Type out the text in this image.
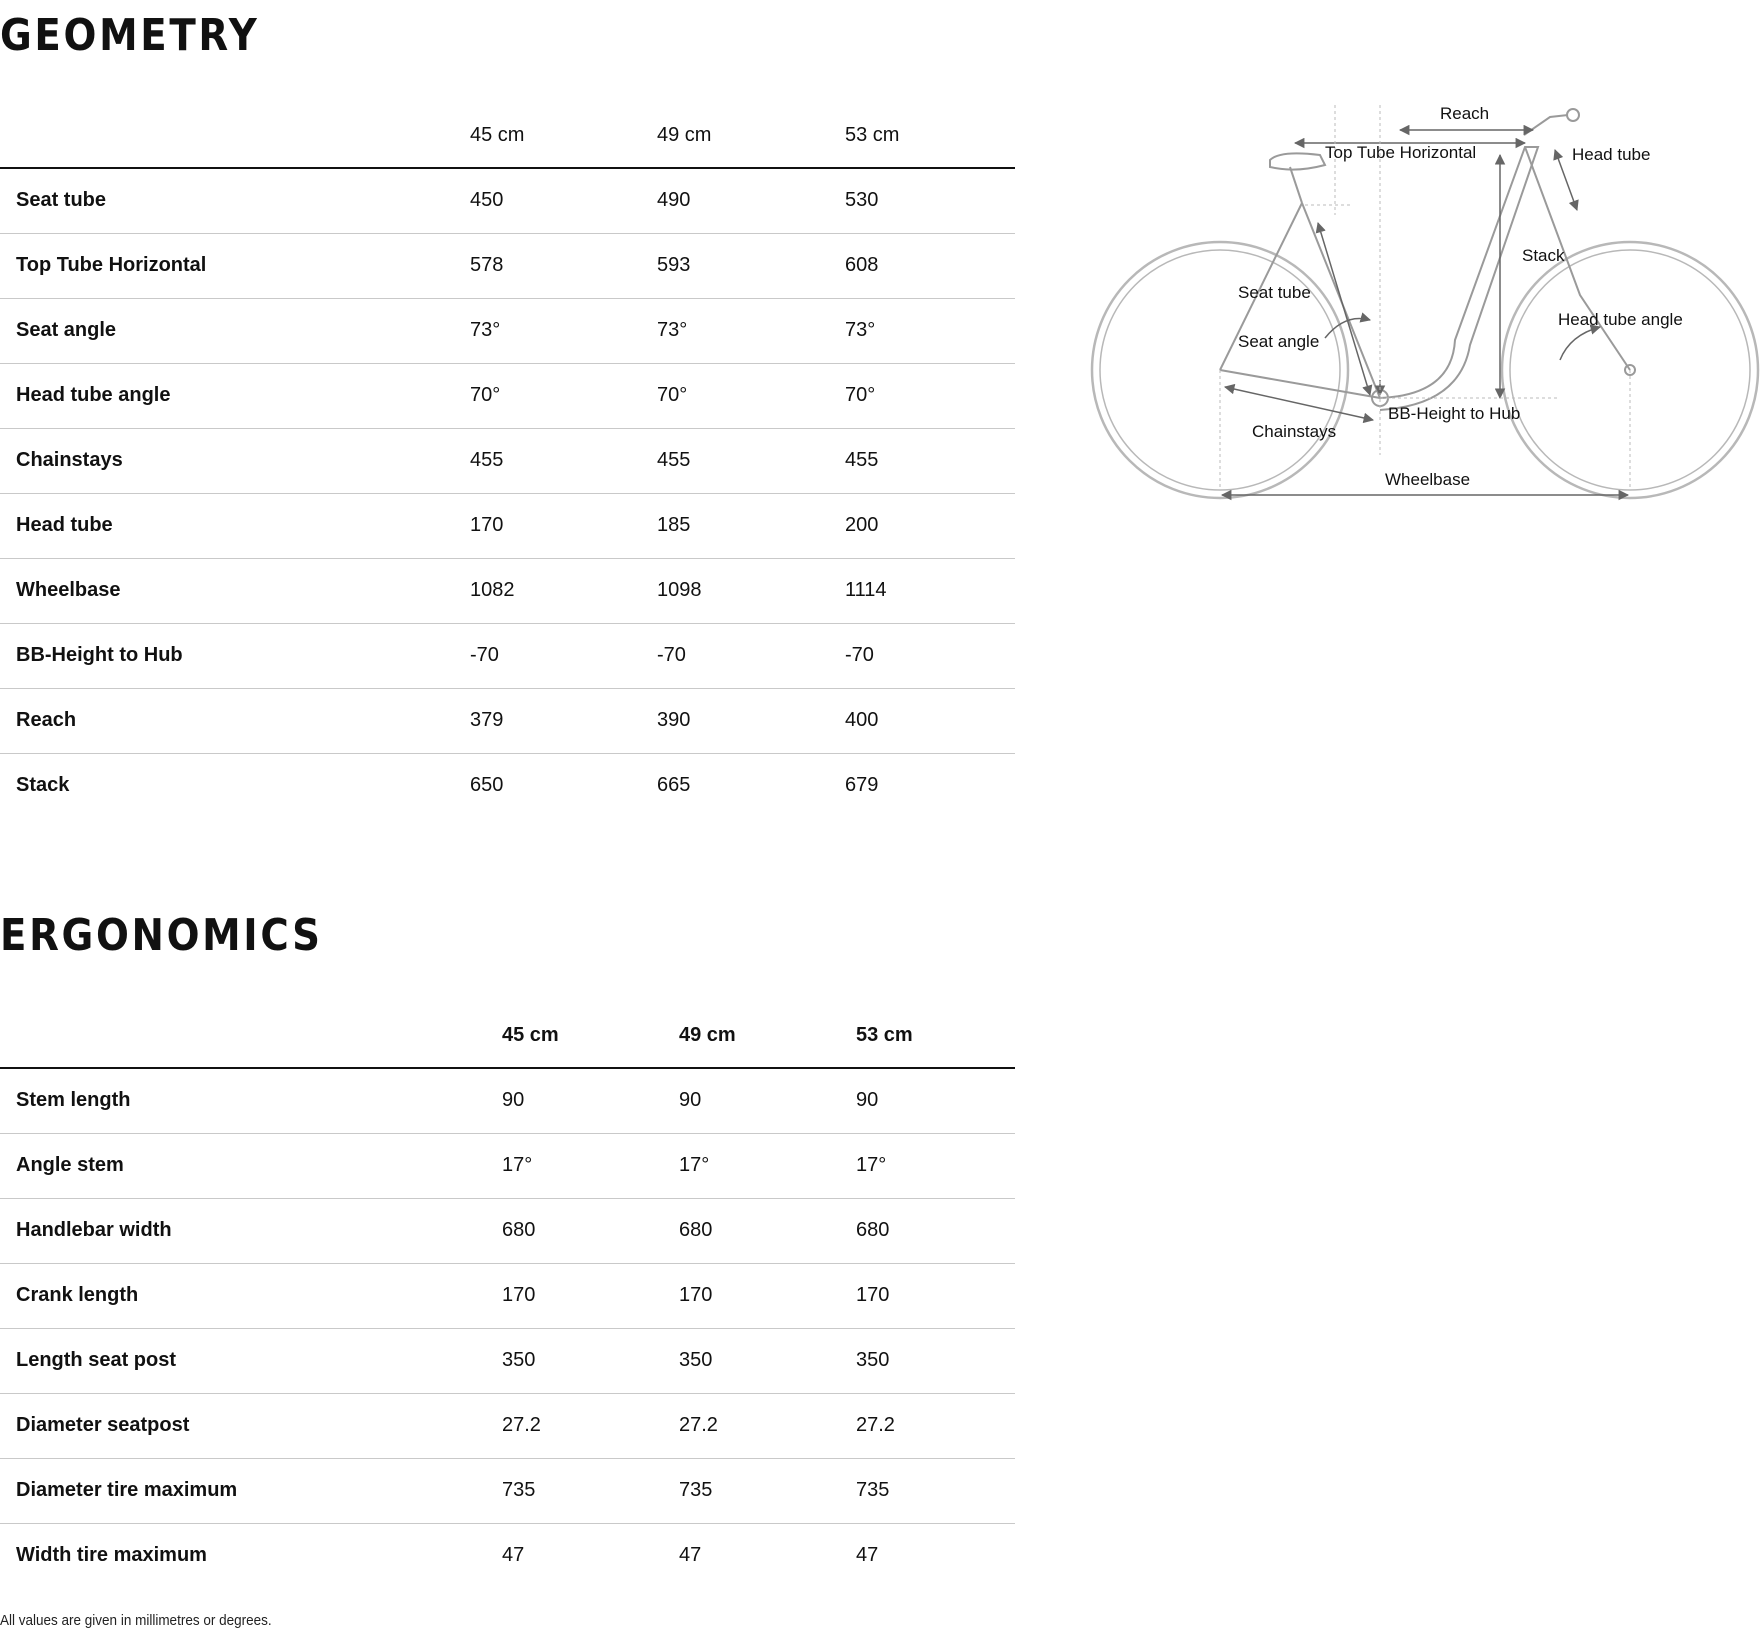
GEOMETRY
	45 cm	49 cm	53 cm
Seat tube	450	490	530
Top Tube Horizontal	578	593	608
Seat angle	73°	73°	73°
Head tube angle	70°	70°	70°
Chainstays	455	455	455
Head tube	170	185	200
Wheelbase	1082	1098	1114
BB-Height to Hub	-70	-70	-70
Reach	379	390	400
Stack	650	665	679
Reach
Top Tube Horizontal	Head tube
Stack
Seat tube
Head tube angle
Seat angle
BB-Height to Hub
Chainstays
Wheelbase
ERGONOMICS
	45 cm	49 cm	53 cm
Stem length	90	90	90
Angle stem	17°	17°	17°
Handlebar width	680	680	680
Crank length	170	170	170
Length seat post	350	350	350
Diameter seatpost	27.2	27.2	27.2
Diameter tire maximum	735	735	735
Width tire maximum	47	47	47

All values are given in millimetres or degrees.
